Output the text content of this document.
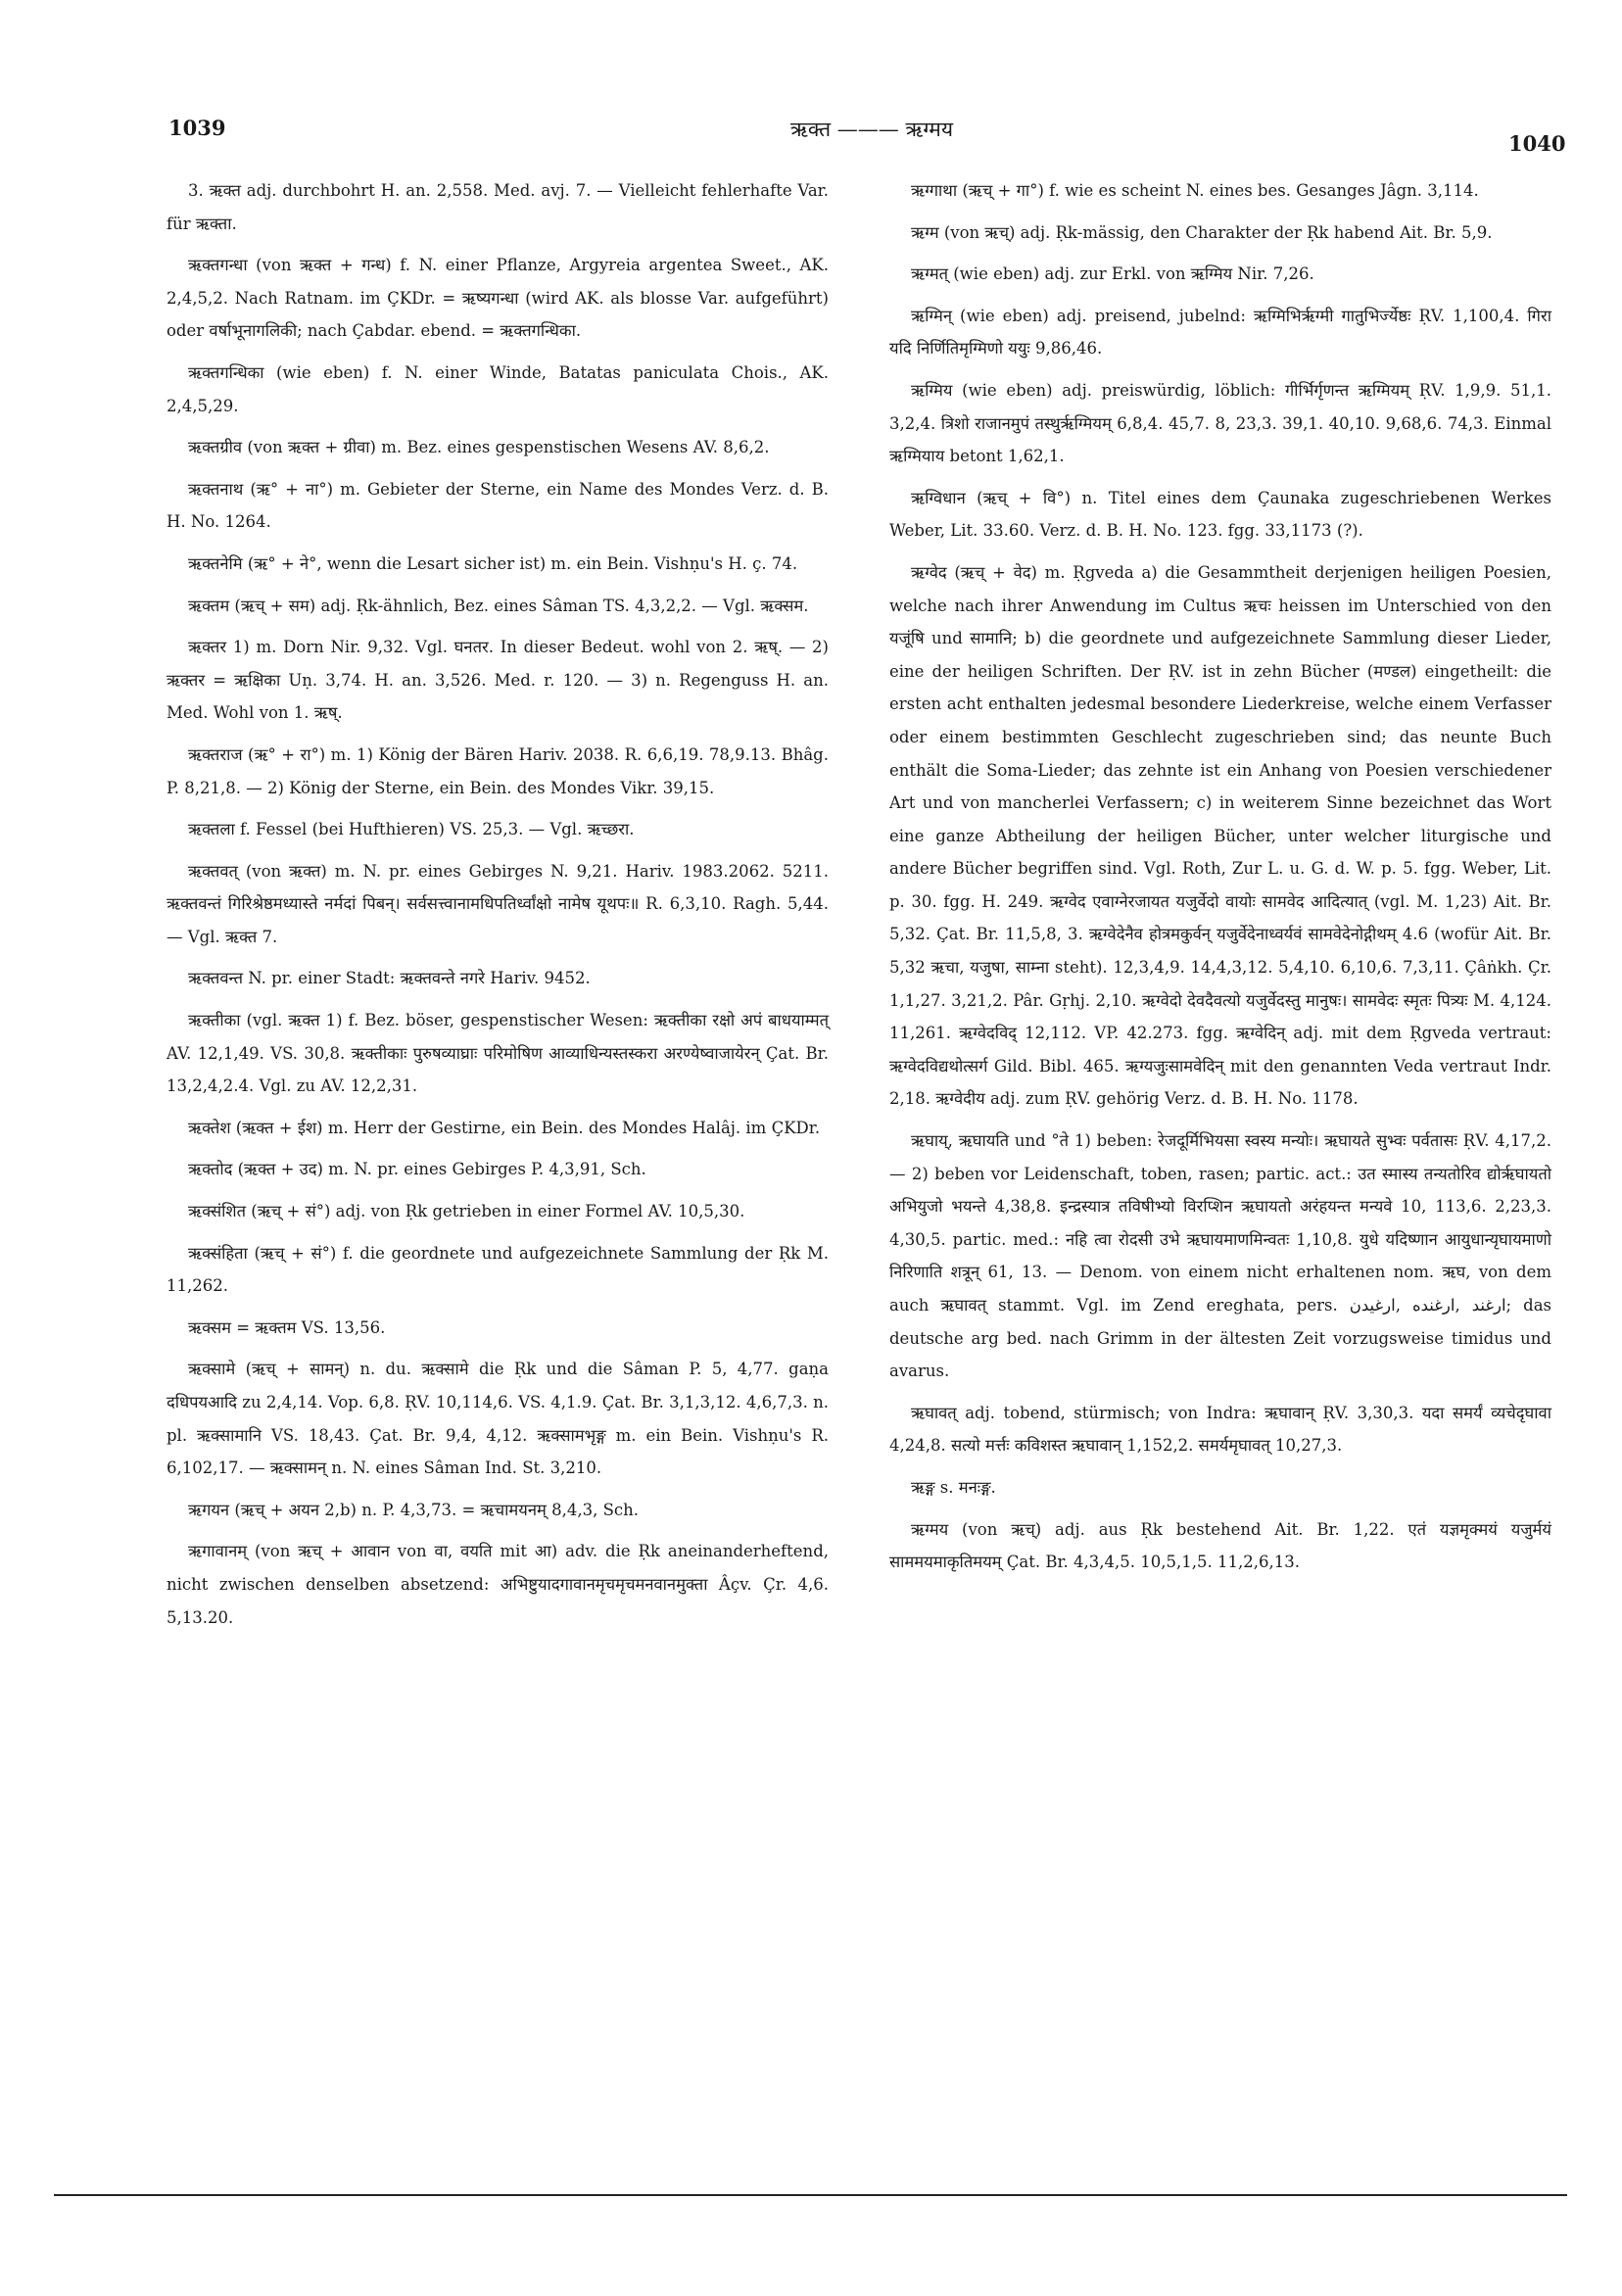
1039	ऋक्त ——— ऋग्मय
1040

3. ऋक्त adj. durchbohrt H. an. 2,558. Med. avj. 7. — Vielleicht fehlerhafte Var. für ऋक्ता.

ऋक्तगन्धा (von ऋक्त + गन्ध) f. N. einer Pflanze, Argyreia argentea Sweet., AK. 2,4,5,2. Nach Ratnam. im ÇKDr. = ऋष्यगन्धा (wird AK. als blosse Var. aufgeführt) oder वर्षाभूनागलिकी; nach Çabdar. ebend. = ऋक्तगन्धिका.

ऋक्तगन्धिका (wie eben) f. N. einer Winde, Batatas paniculata Chois., AK. 2,4,5,29.

ऋक्तग्रीव (von ऋक्त + ग्रीवा) m. Bez. eines gespenstischen Wesens AV. 8,6,2.

ऋक्तनाथ (ऋ° + ना°) m. Gebieter der Sterne, ein Name des Mondes Verz. d. B. H. No. 1264.

ऋक्तनेमि (ऋ° + ने°, wenn die Lesart sicher ist) m. ein Bein. Vishṇu's H. ç. 74.

ऋक्तम (ऋच् + सम) adj. Ṛk-ähnlich, Bez. eines Sâman TS. 4,3,2,2. — Vgl. ऋक्सम.

ऋक्तर 1) m. Dorn Nir. 9,32. Vgl. घनतर. In dieser Bedeut. wohl von 2. ऋष्. — 2) ऋक्तर = ऋक्षिका Uṇ. 3,74. H. an. 3,526. Med. r. 120. — 3) n. Regenguss H. an. Med. Wohl von 1. ऋष्.

ऋक्तराज (ऋ° + रा°) m. 1) König der Bären Hariv. 2038. R. 6,6,19. 78,9.13. Bhâg. P. 8,21,8. — 2) König der Sterne, ein Bein. des Mondes Vikr. 39,15.

ऋक्तला f. Fessel (bei Hufthieren) VS. 25,3. — Vgl. ऋच्छरा.

ऋक्तवत् (von ऋक्त) m. N. pr. eines Gebirges N. 9,21. Hariv. 1983.2062. 5211. ऋक्तवन्तं गिरिश्रेष्ठमध्यास्ते नर्मदां पिबन्। सर्वसत्त्वानामधिपतिर्ध्वांक्षो नामेष यूथपः॥ R. 6,3,10. Ragh. 5,44. — Vgl. ऋक्त 7.

ऋक्तवन्त N. pr. einer Stadt: ऋक्तवन्ते नगरे Hariv. 9452.

ऋक्तीका (vgl. ऋक्त 1) f. Bez. böser, gespenstischer Wesen: ऋक्तीका रक्षो अपं बाधयाम्मत् AV. 12,1,49. VS. 30,8. ऋक्तीकाः पुरुषव्याघ्राः परिमोषिण आव्याधिन्यस्तस्करा अरण्येष्वाजायेरन् Çat. Br. 13,2,4,2.4. Vgl. zu AV. 12,2,31.

ऋक्तेश (ऋक्त + ईश) m. Herr der Gestirne, ein Bein. des Mondes Halâj. im ÇKDr.

ऋक्तोद (ऋक्त + उद) m. N. pr. eines Gebirges P. 4,3,91, Sch.

ऋक्संशित (ऋच् + सं°) adj. von Ṛk getrieben in einer Formel AV. 10,5,30.

ऋक्संहिता (ऋच् + सं°) f. die geordnete und aufgezeichnete Sammlung der Ṛk M. 11,262.

ऋक्सम = ऋक्तम VS. 13,56.

ऋक्सामे (ऋच् + सामन्) n. du. ऋक्सामे die Ṛk und die Sâman P. 5, 4,77. gaṇa दधिपयआदि zu 2,4,14. Vop. 6,8. ṚV. 10,114,6. VS. 4,1.9. Çat. Br. 3,1,3,12. 4,6,7,3. n. pl. ऋक्सामानि VS. 18,43. Çat. Br. 9,4, 4,12. ऋक्सामभृङ्ग m. ein Bein. Vishṇu's R. 6,102,17. — ऋक्सामन् n. N. eines Sâman Ind. St. 3,210.

ऋगयन (ऋच् + अयन 2,b) n. P. 4,3,73. = ऋचामयनम् 8,4,3, Sch.

ऋगावानम् (von ऋच् + आवान von वा, वयति mit आ) adv. die Ṛk aneinanderheftend, nicht zwischen denselben absetzend: अभिष्टुयादगावानमृचमृचमनवानमुक्ता Âçv. Çr. 4,6. 5,13.20.

ऋग्गाथा (ऋच् + गा°) f. wie es scheint N. eines bes. Gesanges Jâgn. 3,114.

ऋग्म (von ऋच्) adj. Ṛk-mässig, den Charakter der Ṛk habend Ait. Br. 5,9.

ऋग्मत् (wie eben) adj. zur Erkl. von ऋग्मिय Nir. 7,26.

ऋग्मिन् (wie eben) adj. preisend, jubelnd: ऋग्मिभिर्ऋग्मी गातुभिर्ज्येष्ठः ṚV. 1,100,4. गिरा यदि निर्णितिमृग्मिणो ययुः 9,86,46.

ऋग्मिय (wie eben) adj. preiswürdig, löblich: गीर्भिर्गृणन्त ऋग्मियम् ṚV. 1,9,9. 51,1. 3,2,4. त्रिशो राजानमुपं तस्थुर्ऋग्मियम् 6,8,4. 45,7. 8, 23,3. 39,1. 40,10. 9,68,6. 74,3. Einmal ऋग्मियाय betont 1,62,1.

ऋग्विधान (ऋच् + वि°) n. Titel eines dem Çaunaka zugeschriebenen Werkes Weber, Lit. 33.60. Verz. d. B. H. No. 123. fgg. 33,1173 (?).

ऋग्वेद (ऋच् + वेद) m. Ṛgveda a) die Gesammtheit derjenigen heiligen Poesien, welche nach ihrer Anwendung im Cultus ऋचः heissen im Unterschied von den यजूंषि und सामानि; b) die geordnete und aufgezeichnete Sammlung dieser Lieder, eine der heiligen Schriften. Der ṚV. ist in zehn Bücher (मण्डल) eingetheilt: die ersten acht enthalten jedesmal besondere Liederkreise, welche einem Verfasser oder einem bestimmten Geschlecht zugeschrieben sind; das neunte Buch enthält die Soma-Lieder; das zehnte ist ein Anhang von Poesien verschiedener Art und von mancherlei Verfassern; c) in weiterem Sinne bezeichnet das Wort eine ganze Abtheilung der heiligen Bücher, unter welcher liturgische und andere Bücher begriffen sind. Vgl. Roth, Zur L. u. G. d. W. p. 5. fgg. Weber, Lit. p. 30. fgg. H. 249. ऋग्वेद एवाग्नेरजायत यजुर्वेदो वायोः सामवेद आदित्यात् (vgl. M. 1,23) Ait. Br. 5,32. Çat. Br. 11,5,8, 3. ऋग्वेदेनैव होत्रमकुर्वन् यजुर्वेदेनाध्वर्यवं सामवेदेनोद्गीथम् 4.6 (wofür Ait. Br. 5,32 ऋचा, यजुषा, साम्ना steht). 12,3,4,9. 14,4,3,12. 5,4,10. 6,10,6. 7,3,11. Çâṅkh. Çr. 1,1,27. 3,21,2. Pâr. Gṛhj. 2,10. ऋग्वेदो देवदैवत्यो यजुर्वेदस्तु मानुषः। सामवेदः स्मृतः पित्र्यः M. 4,124. 11,261. ऋग्वेदविद् 12,112. VP. 42.273. fgg. ऋग्वेदिन् adj. mit dem Ṛgveda vertraut: ऋग्वेदविद्यथोत्सर्ग Gild. Bibl. 465. ऋग्यजुःसामवेदिन् mit den genannten Veda vertraut Indr. 2,18. ऋग्वेदीय adj. zum ṚV. gehörig Verz. d. B. H. No. 1178.

ऋघाय्, ऋघायति und °ते 1) beben: रेजदूर्मिभियसा स्वस्य मन्योः। ऋघायते सुभ्वः पर्वतासः ṚV. 4,17,2. — 2) beben vor Leidenschaft, toben, rasen; partic. act.: उत स्मास्य तन्यतोरिव द्योर्ऋघायतो अभियुजो भयन्ते 4,38,8. इन्द्रस्यात्र तविषीभ्यो विरप्शिन ऋघायतो अरंहयन्त मन्यवे 10, 113,6. 2,23,3. 4,30,5. partic. med.: नहि त्वा रोदसी उभे ऋघायमाणमिन्वतः 1,10,8. युधे यदिष्णान आयुधान्यृघायमाणो निरिणाति शत्रून् 61, 13. — Denom. von einem nicht erhaltenen nom. ऋघ, von dem auch ऋघावत् stammt. Vgl. im Zend ereghata, pers. ارغند ,ارغنده ,ارغیدن; das deutsche arg bed. nach Grimm in der ältesten Zeit vorzugsweise timidus und avarus.

ऋघावत् adj. tobend, stürmisch; von Indra: ऋघावान् ṚV. 3,30,3. यदा समर्यं व्यचेदृघावा 4,24,8. सत्यो मर्त्तः कविशस्त ऋघावान् 1,152,2. समर्यमृघावत् 10,27,3.

ऋङ्ग s. मनःङ्ग.

ऋग्मय (von ऋच्) adj. aus Ṛk bestehend Ait. Br. 1,22. एतं यज्ञमृक्मयं यजुर्मयं साममयमाकृतिमयम् Çat. Br. 4,3,4,5. 10,5,1,5. 11,2,6,13.
